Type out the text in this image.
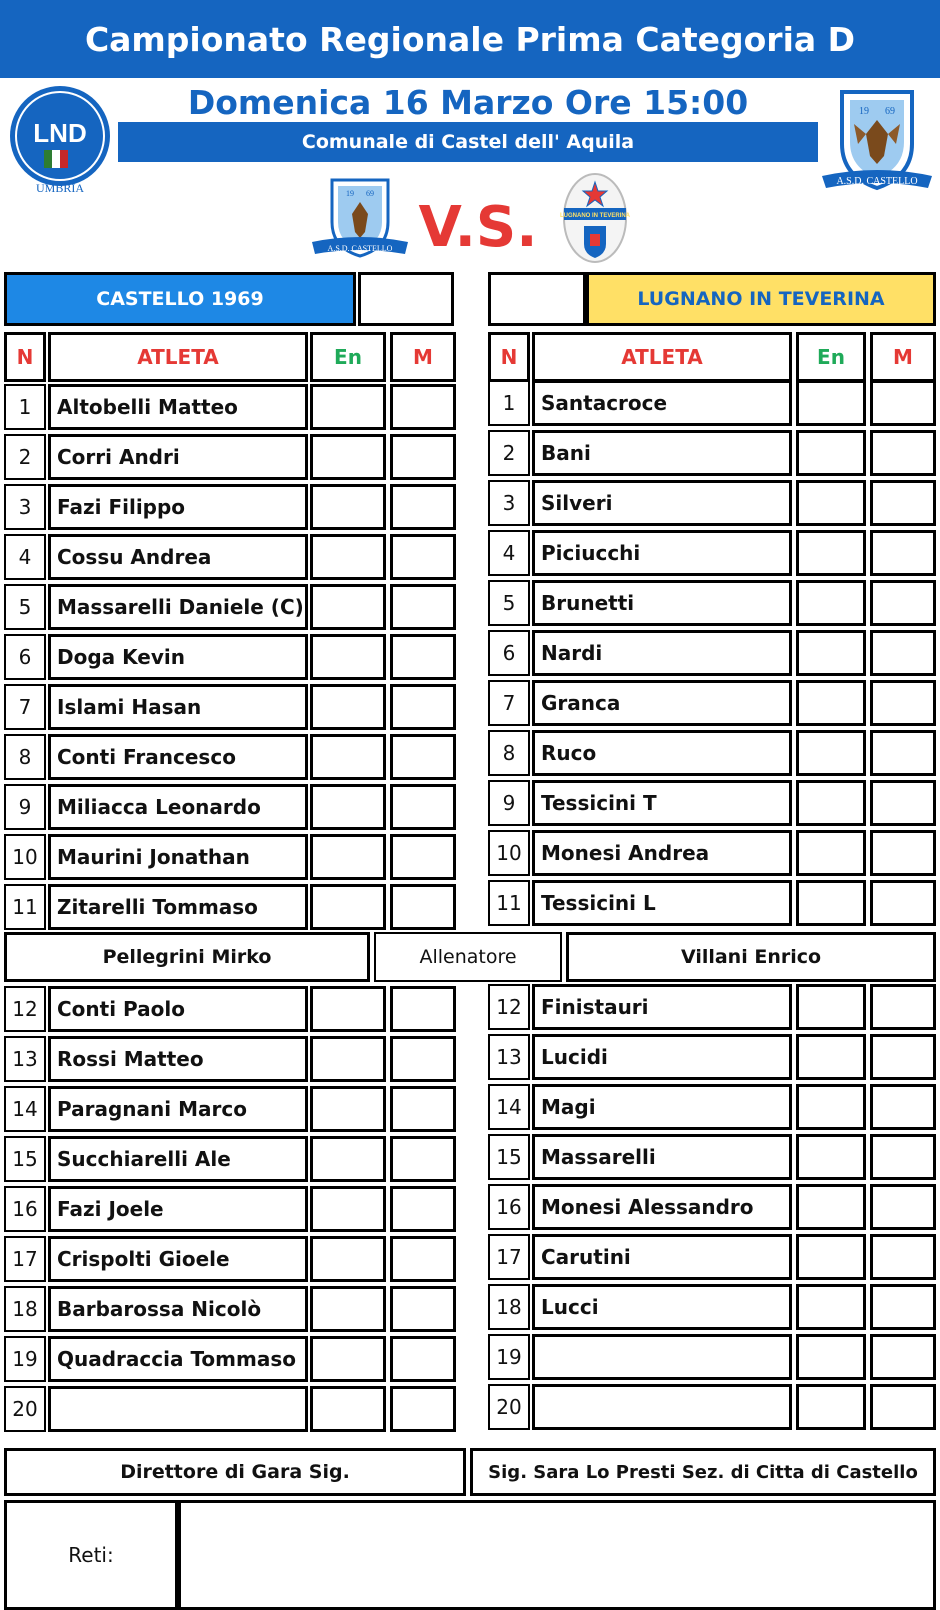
Campionato Regionale Prima Categoria D
Domenica 16 Marzo Ore 15:00
Comunale di Castel dell' Aquila
LND
UMBRIA
19 69
A.S.D. CASTELLO
19 69
A.S.D. CASTELLO V.S.	LUGNANO IN TEVERINA
CASTELLO 1969	LUGNANO IN TEVERINA
N	ATLETA	En	M	N	ATLETA	En	M
1	Altobelli Matteo
2	Corri Andri
3	Fazi Filippo
4	Cossu Andrea
5	Massarelli Daniele (C)
6	Doga Kevin
7	Islami Hasan
8	Conti Francesco
9	Miliacca Leonardo
10 Maurini Jonathan
11 Zitarelli Tommaso
1	Santacroce
2	Bani
3	Silveri
4	Piciucchi
5	Brunetti
6	Nardi
7	Granca
8	Ruco
9	Tessicini T
10 Monesi Andrea
11 Tessicini L
Pellegrini Mirko	Allenatore	Villani Enrico
12 Conti Paolo
13 Rossi Matteo
14 Paragnani Marco
15 Succhiarelli Ale
16 Fazi Joele
17 Crispolti Gioele
18 Barbarossa Nicolò
19 Quadraccia Tommaso
20
12 Finistauri
13 Lucidi
14 Magi
15 Massarelli
16 Monesi Alessandro
17 Carutini
18 Lucci
19
20
Direttore di Gara Sig.	Sig. Sara Lo Presti Sez. di Citta di Castello
Reti:
